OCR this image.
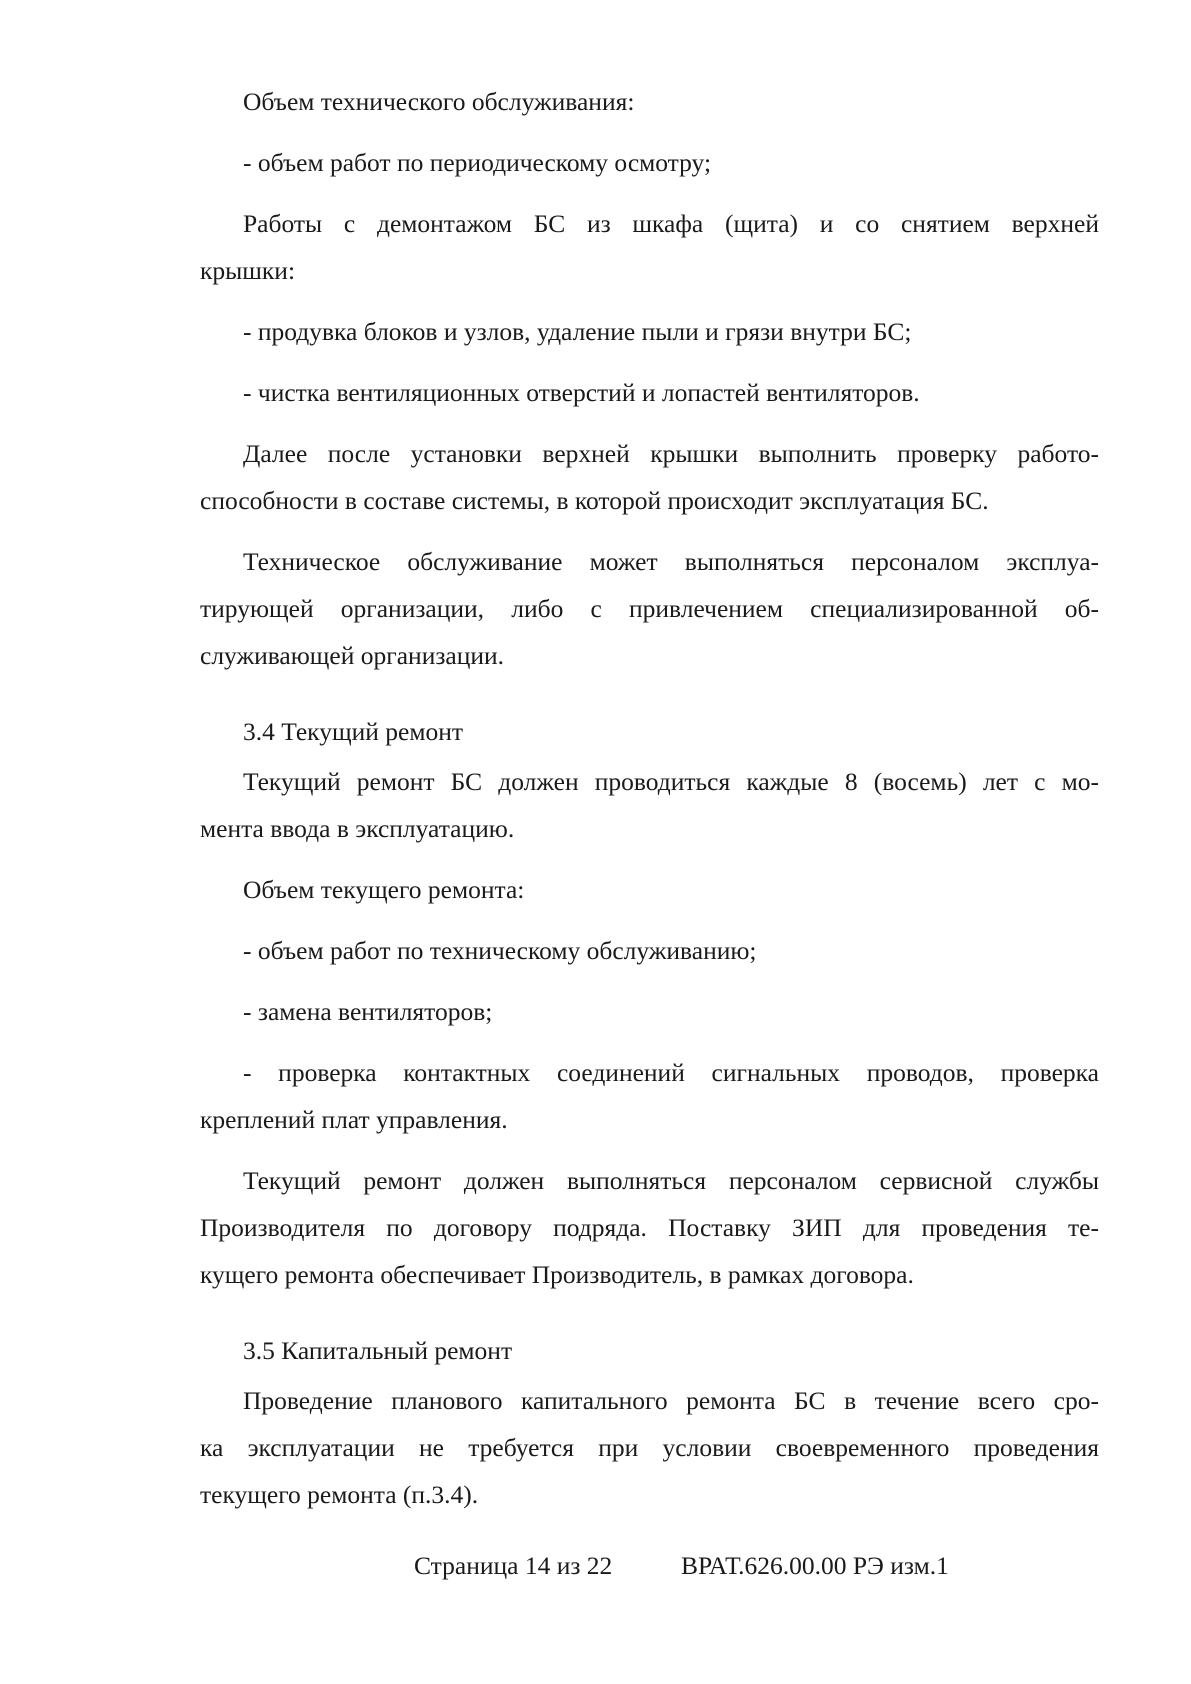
Объем технического обслуживания:
- объем работ по периодическому осмотру;
Работы с демонтажом БС из шкафа (щита) и со снятием верхней
крышки:
- продувка блоков и узлов, удаление пыли и грязи внутри БС;
- чистка вентиляционных отверстий и лопастей вентиляторов.
Далее после установки верхней крышки выполнить проверку работо-
способности в составе системы, в которой происходит эксплуатация БС.
Техническое обслуживание может выполняться персоналом эксплуа-
тирующей организации, либо с привлечением специализированной об-
служивающей организации.
3.4 Текущий ремонт
Текущий ремонт БС должен проводиться каждые 8 (восемь) лет с мо-
мента ввода в эксплуатацию.
Объем текущего ремонта:
- объем работ по техническому обслуживанию;
- замена вентиляторов;
- проверка контактных соединений сигнальных проводов, проверка
креплений плат управления.
Текущий ремонт должен выполняться персоналом сервисной службы
Производителя по договору подряда. Поставку ЗИП для проведения те-
кущего ремонта обеспечивает Производитель, в рамках договора.
3.5 Капитальный ремонт
Проведение планового капитального ремонта БС в течение всего сро-
ка эксплуатации не требуется при условии своевременного проведения
текущего ремонта (п.3.4).
Страница 14 из 22	ВРАТ.626.00.00 РЭ изм.1
